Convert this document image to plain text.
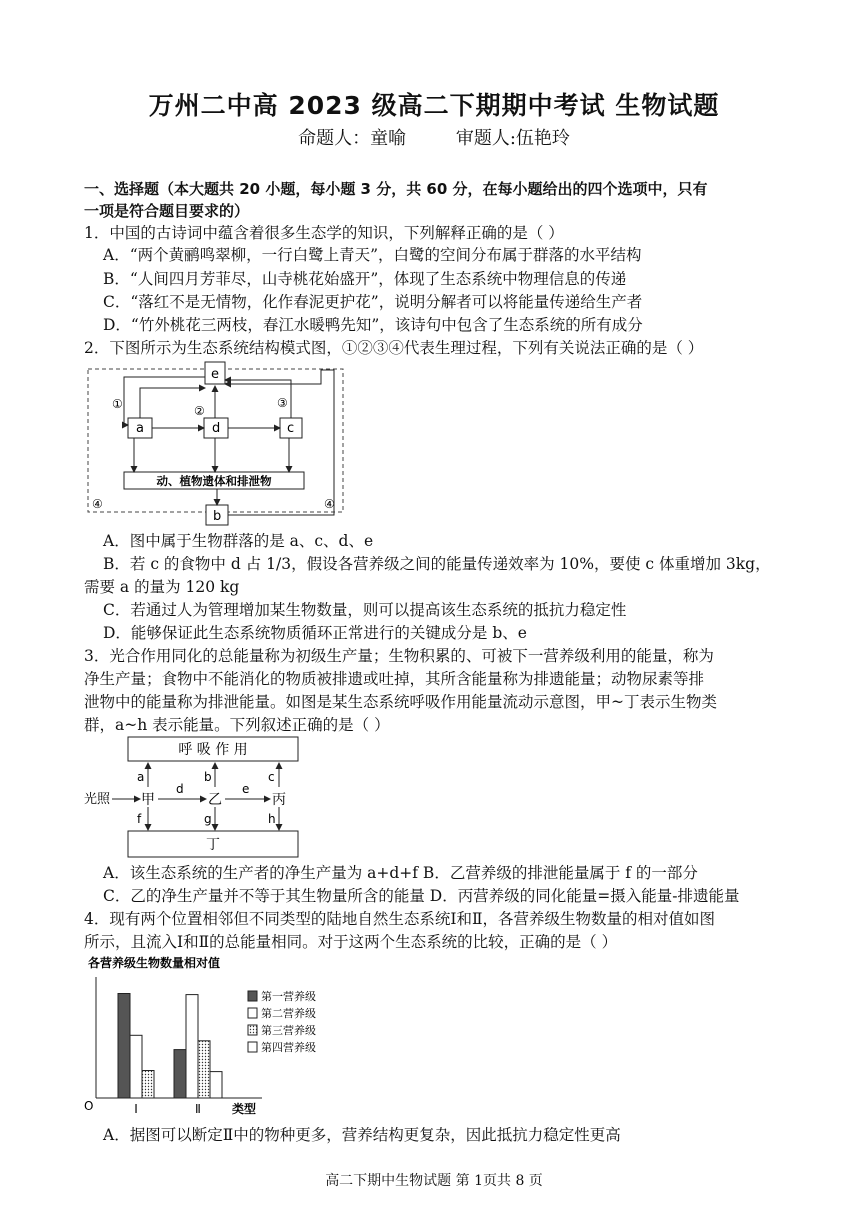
万州二中高 2023 级高二下期期中考试 生物试题
命题人：童喻	审题人:伍艳玲
一、选择题（本大题共 20 小题，每小题 3 分，共 60 分，在每小题给出的四个选项中，只有
一项是符合题目要求的）
1．中国的古诗词中蕴含着很多生态学的知识，下列解释正确的是（ ）
A．“两个黄鹂鸣翠柳，一行白鹭上青天”，白鹭的空间分布属于群落的水平结构
B．“人间四月芳菲尽，山寺桃花始盛开”，体现了生态系统中物理信息的传递
C．“落红不是无情物，化作春泥更护花”，说明分解者可以将能量传递给生产者
D．“竹外桃花三两枝，春江水暖鸭先知”，该诗句中包含了生态系统的所有成分
2．下图所示为生态系统结构模式图，①②③④代表生理过程，下列有关说法正确的是（ ）
e
a	d	c
b
①	②
③
④	④
动、植物遗体和排泄物
A．图中属于生物群落的是 a、c、d、e
B．若 c 的食物中 d 占 1/3，假设各营养级之间的能量传递效率为 10%，要使 c 体重增加 3kg，
需要 a 的量为 120 kg
C．若通过人为管理增加某生物数量，则可以提高该生态系统的抵抗力稳定性
D．能够保证此生态系统物质循环正常进行的关键成分是 b、e
3．光合作用同化的总能量称为初级生产量；生物积累的、可被下一营养级利用的能量，称为
净生产量；食物中不能消化的物质被排遗或吐掉，其所含能量称为排遗能量；动物尿素等排
泄物中的能量称为排泄能量。如图是某生态系统呼吸作用能量流动示意图，甲~丁表示生物类
群，a~h 表示能量。下列叙述正确的是（ ）
呼 吸 作 用
丁
光照 甲	乙	丙
d	e
a	b	c
f	g	h
A．该生态系统的生产者的净生产量为 a+d+f B．乙营养级的排泄能量属于 f 的一部分
C．乙的净生产量并不等于其生物量所含的能量 D．丙营养级的同化能量=摄入能量-排遗能量
4．现有两个位置相邻但不同类型的陆地自然生态系统Ⅰ和Ⅱ，各营养级生物数量的相对值如图
所示，且流入Ⅰ和Ⅱ的总能量相同。对于这两个生态系统的比较，正确的是（ ）
各营养级生物数量相对值
O	类型
Ⅰ	Ⅱ
第一营养级
第二营养级
第三营养级
第四营养级
A．据图可以断定Ⅱ中的物种更多，营养结构更复杂，因此抵抗力稳定性更高
高二下期中生物试题 第 1页共 8 页
